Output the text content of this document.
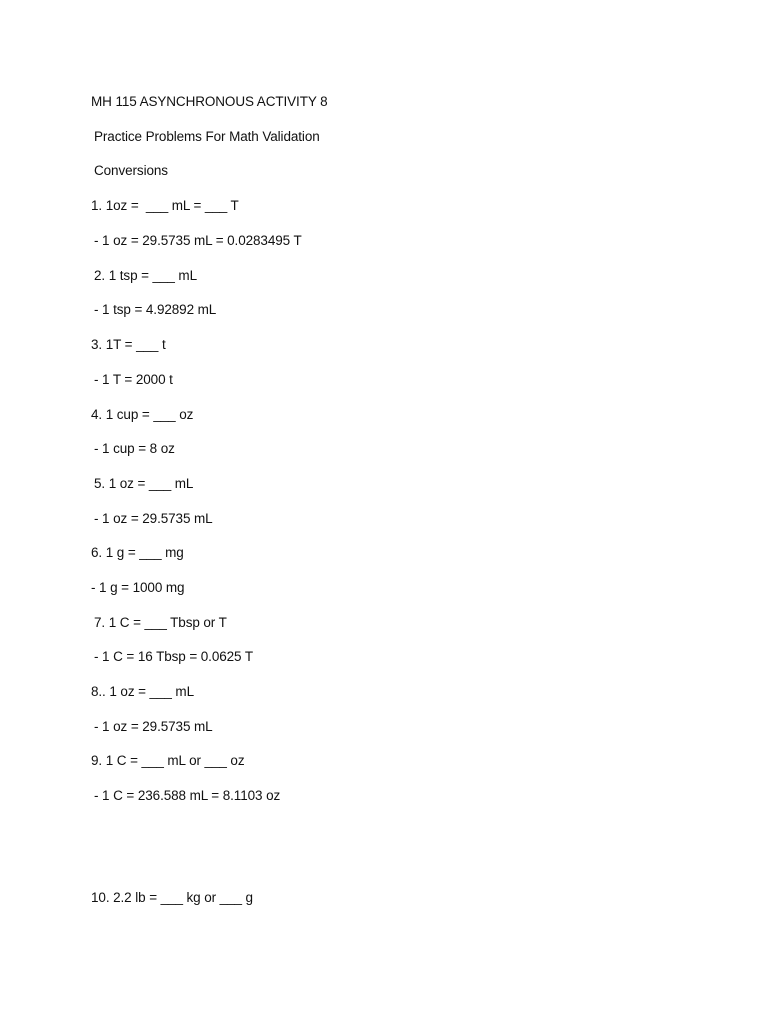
MH 115 ASYNCHRONOUS ACTIVITY 8
Practice Problems For Math Validation
Conversions
1. 1oz =  ___ mL = ___ T
- 1 oz = 29.5735 mL = 0.0283495 T
2. 1 tsp = ___ mL
- 1 tsp = 4.92892 mL
3. 1T = ___ t
- 1 T = 2000 t
4. 1 cup = ___ oz
- 1 cup = 8 oz
5. 1 oz = ___ mL
- 1 oz = 29.5735 mL
6. 1 g = ___ mg
- 1 g = 1000 mg
7. 1 C = ___ Tbsp or T
- 1 C = 16 Tbsp = 0.0625 T
8.. 1 oz = ___ mL
- 1 oz = 29.5735 mL
9. 1 C = ___ mL or ___ oz
- 1 C = 236.588 mL = 8.1103 oz
10. 2.2 lb = ___ kg or ___ g
